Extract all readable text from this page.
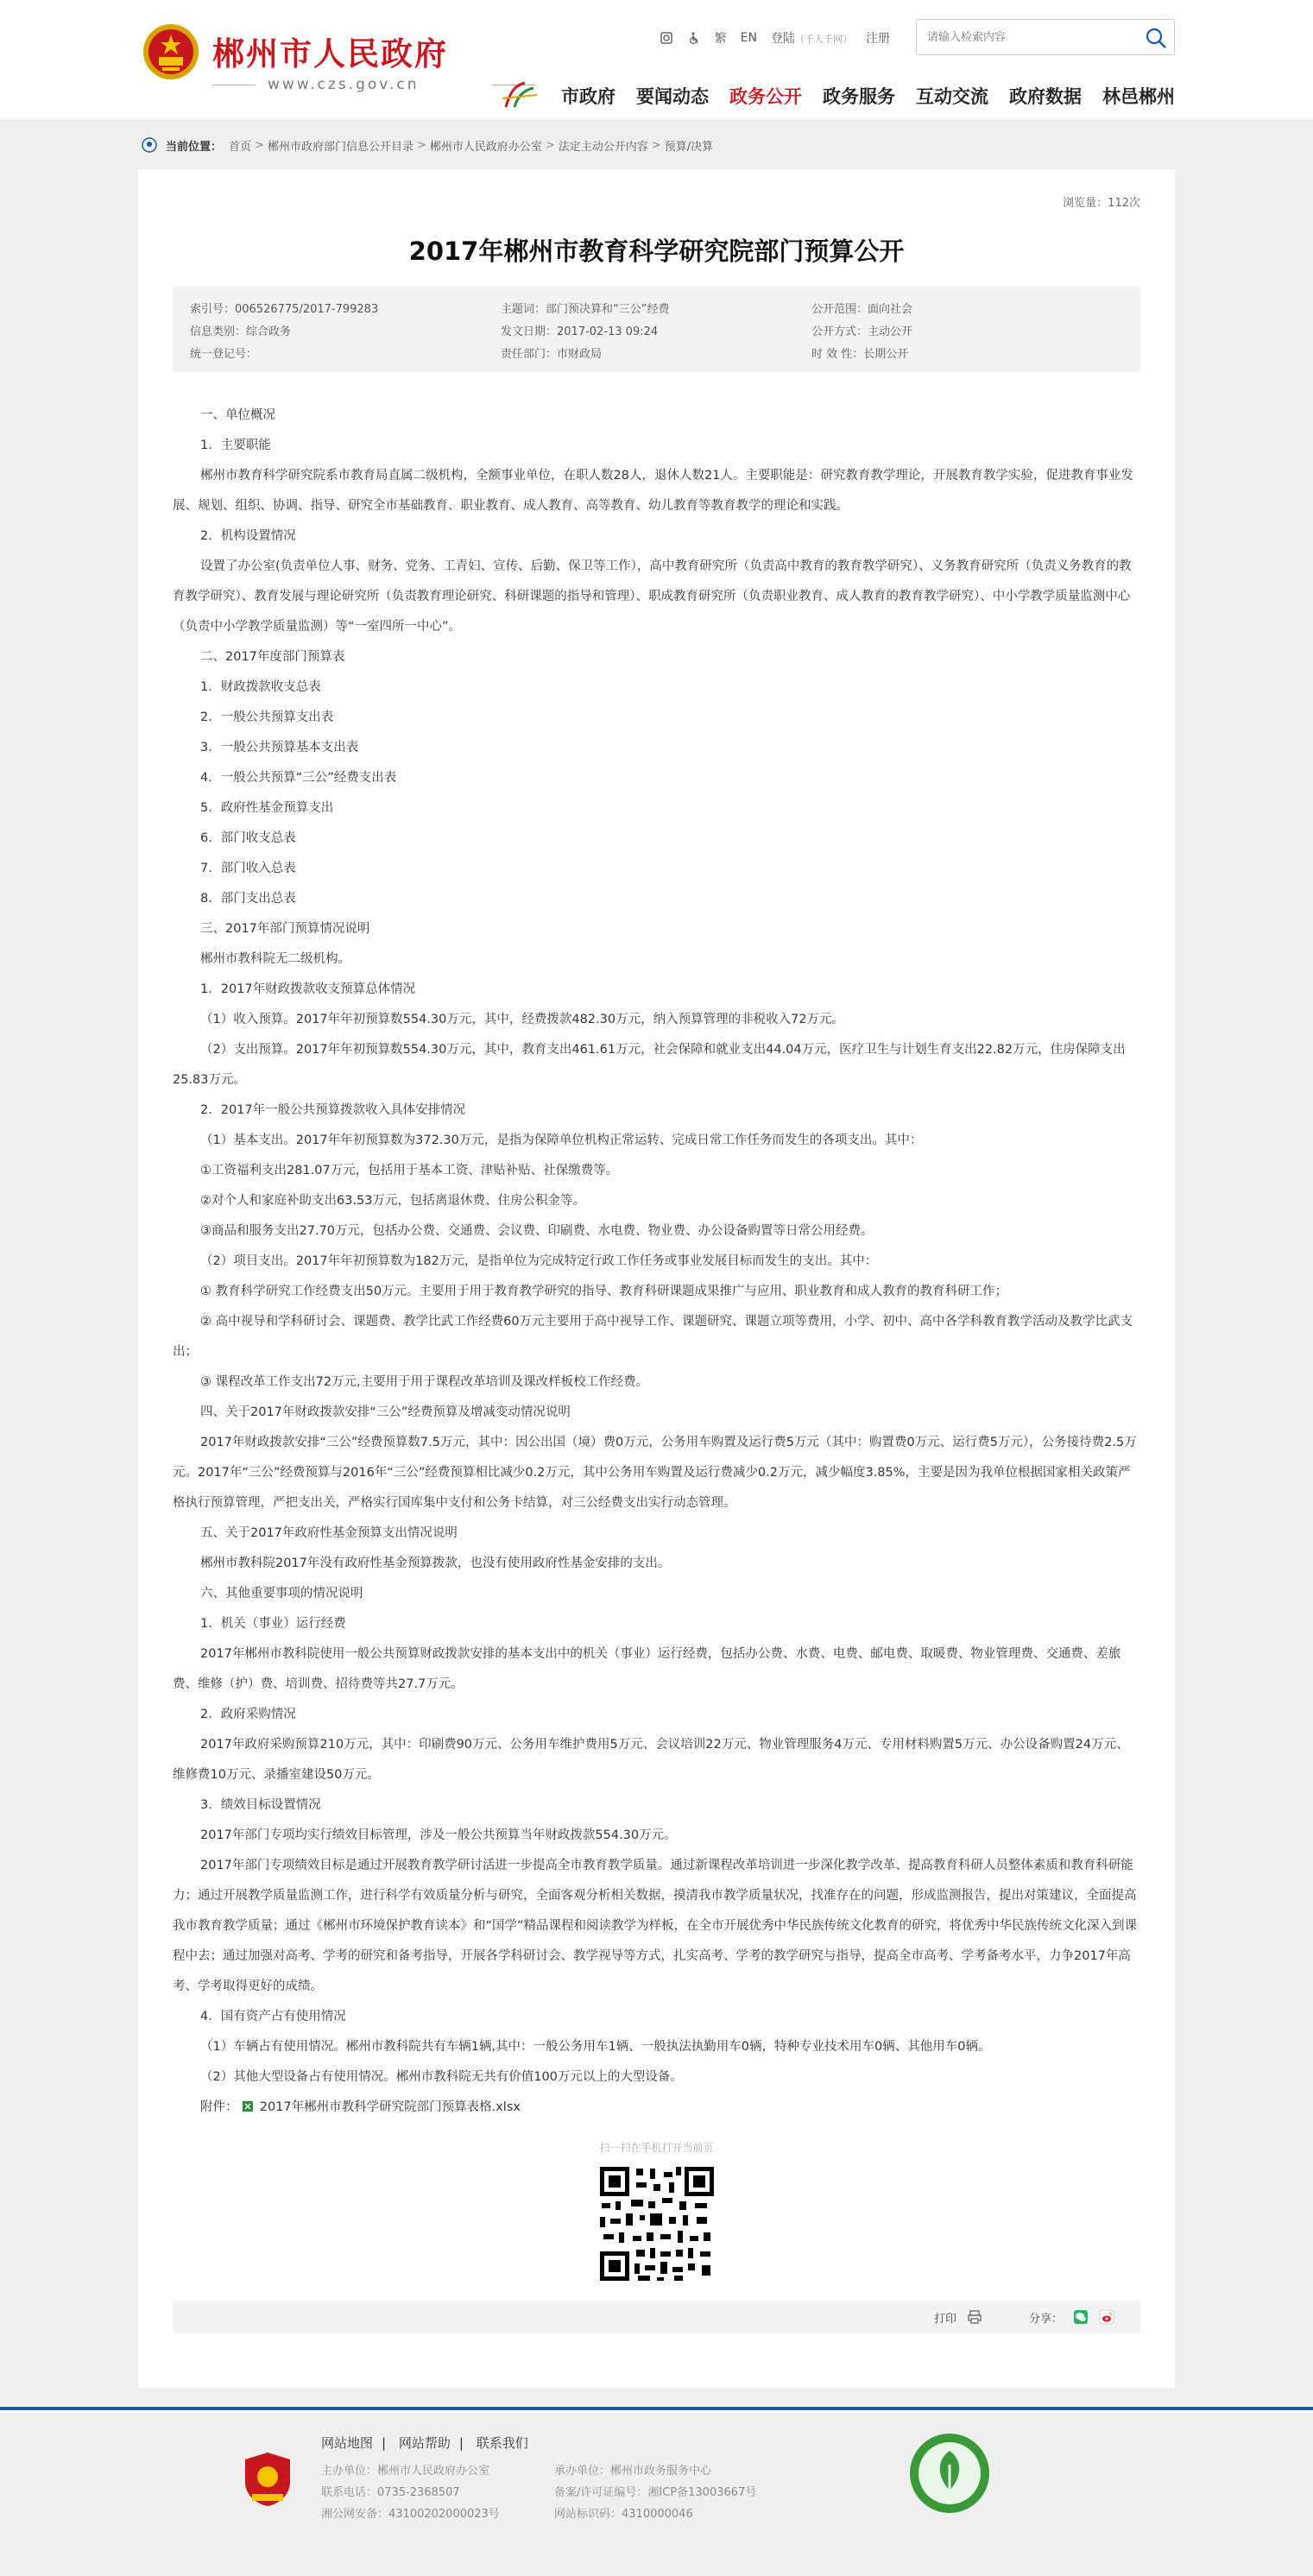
郴州市人民政府
www.czs.gov.cn
繁 EN 登陆（千人千网） 注册
请输入检索内容
市政府 要闻动态 政务公开 政务服务 互动交流 政府数据 林邑郴州
当前位置： 首页 > 郴州市政府部门信息公开目录 > 郴州市人民政府办公室 > 法定主动公开内容 > 预算/决算
浏览量：112次
2017年郴州市教育科学研究院部门预算公开
索引号：006526775/2017-799283	主题词：部门预决算和“三公”经费	公开范围：面向社会
信息类别：综合政务	发文日期：2017-02-13 09:24	公开方式：主动公开
统一登记号：	责任部门：市财政局	时 效 性：长期公开

一、单位概况

1．主要职能

郴州市教育科学研究院系市教育局直属二级机构，全额事业单位，在职人数28人，退休人数21人。主要职能是：研究教育教学理论，开展教育教学实验，促进教育事业发展、规划、组织、协调、指导、研究全市基础教育、职业教育、成人教育、高等教育、幼儿教育等教育教学的理论和实践。

2．机构设置情况

设置了办公室(负责单位人事、财务、党务、工青妇、宣传、后勤、保卫等工作），高中教育研究所（负责高中教育的教育教学研究）、义务教育研究所（负责义务教育的教育教学研究）、教育发展与理论研究所（负责教育理论研究、科研课题的指导和管理）、职成教育研究所（负责职业教育、成人教育的教育教学研究）、中小学教学质量监测中心（负责中小学教学质量监测）等“一室四所一中心”。

二、2017年度部门预算表

1．财政拨款收支总表

2．一般公共预算支出表

3．一般公共预算基本支出表

4．一般公共预算“三公”经费支出表

5．政府性基金预算支出

6．部门收支总表

7．部门收入总表

8．部门支出总表

三、2017年部门预算情况说明

郴州市教科院无二级机构。

1．2017年财政拨款收支预算总体情况

（1）收入预算。2017年年初预算数554.30万元，其中，经费拨款482.30万元，纳入预算管理的非税收入72万元。

（2）支出预算。2017年年初预算数554.30万元，其中，教育支出461.61万元，社会保障和就业支出44.04万元，医疗卫生与计划生育支出22.82万元，住房保障支出25.83万元。

2．2017年一般公共预算拨款收入具体安排情况

（1）基本支出。2017年年初预算数为372.30万元，是指为保障单位机构正常运转、完成日常工作任务而发生的各项支出。其中：

①工资福利支出281.07万元，包括用于基本工资、津贴补贴、社保缴费等。

②对个人和家庭补助支出63.53万元，包括离退休费、住房公积金等。

③商品和服务支出27.70万元，包括办公费、交通费、会议费、印刷费、水电费、物业费、办公设备购置等日常公用经费。

（2）项目支出。2017年年初预算数为182万元，是指单位为完成特定行政工作任务或事业发展目标而发生的支出。其中：

① 教育科学研究工作经费支出50万元。主要用于用于教育教学研究的指导、教育科研课题成果推广与应用、职业教育和成人教育的教育科研工作；

② 高中视导和学科研讨会、课题费、教学比武工作经费60万元主要用于高中视导工作、课题研究、课题立项等费用，小学、初中、高中各学科教育教学活动及教学比武支出；

③ 课程改革工作支出72万元,主要用于用于课程改革培训及课改样板校工作经费。

四、关于2017年财政拨款安排“三公”经费预算及增减变动情况说明

2017年财政拨款安排“三公”经费预算数7.5万元，其中：因公出国（境）费0万元，公务用车购置及运行费5万元（其中：购置费0万元、运行费5万元），公务接待费2.5万元。2017年“三公”经费预算与2016年“三公”经费预算相比减少0.2万元，其中公务用车购置及运行费减少0.2万元，减少幅度3.85%，主要是因为我单位根据国家相关政策严格执行预算管理，严把支出关，严格实行国库集中支付和公务卡结算，对三公经费支出实行动态管理。

五、关于2017年政府性基金预算支出情况说明

郴州市教科院2017年没有政府性基金预算拨款，也没有使用政府性基金安排的支出。

六、其他重要事项的情况说明

1．机关（事业）运行经费

2017年郴州市教科院使用一般公共预算财政拨款安排的基本支出中的机关（事业）运行经费，包括办公费、水费、电费、邮电费、取暖费、物业管理费、交通费、差旅费、维修（护）费、培训费、招待费等共27.7万元。

2．政府采购情况

2017年政府采购预算210万元，其中：印刷费90万元、公务用车维护费用5万元、会议培训22万元、物业管理服务4万元、专用材料购置5万元、办公设备购置24万元、维修费10万元、录播室建设50万元。

3．绩效目标设置情况

2017年部门专项均实行绩效目标管理，涉及一般公共预算当年财政拨款554.30万元。

2017年部门专项绩效目标是通过开展教育教学研讨活进一步提高全市教育教学质量。通过新课程改革培训进一步深化教学改革、提高教育科研人员整体素质和教育科研能力；通过开展教学质量监测工作，进行科学有效质量分析与研究，全面客观分析相关数据，摸清我市教学质量状况，找准存在的问题，形成监测报告，提出对策建议，全面提高我市教育教学质量；通过《郴州市环境保护教育读本》和“国学”精品课程和阅读教学为样板，在全市开展优秀中华民族传统文化教育的研究，将优秀中华民族传统文化深入到课程中去；通过加强对高考、学考的研究和备考指导，开展各学科研讨会、教学视导等方式，扎实高考、学考的教学研究与指导，提高全市高考、学考备考水平，力争2017年高考、学考取得更好的成绩。

4．国有资产占有使用情况

（1）车辆占有使用情况。郴州市教科院共有车辆1辆,其中：一般公务用车1辆、一般执法执勤用车0辆，特种专业技术用车0辆、其他用车0辆。

（2）其他大型设备占有使用情况。郴州市教科院无共有价值100万元以上的大型设备。

附件： 2017年郴州市教科学研究院部门预算表格.xlsx
扫一扫在手机打开当前页
打印	分享：
网站地图 | 网站帮助 | 联系我们
主办单位：郴州市人民政府办公室	承办单位：郴州市政务服务中心
联系电话：0735-2368507	备案/许可证编号：湘ICP备13003667号
湘公网安备：43100202000023号	网站标识码：4310000046
